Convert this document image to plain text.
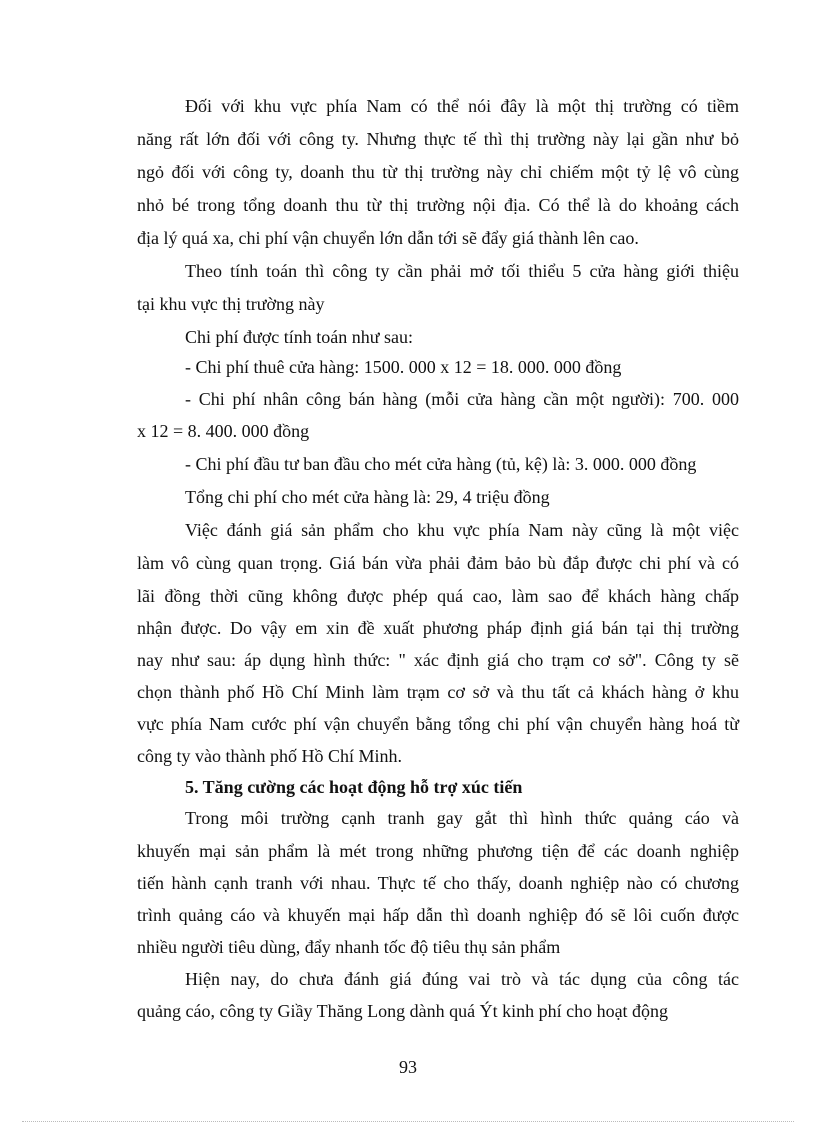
Đối với khu vực phía Nam có thể nói đây là một thị trường có tiềm
năng rất lớn đối với công ty. Nhưng thực tế thì thị trường này lại gần như bỏ
ngỏ đối với công ty, doanh thu từ thị trường này chỉ chiếm một tỷ lệ vô cùng
nhỏ bé trong tổng doanh thu từ thị trường nội địa. Có thể là do khoảng cách
địa lý quá xa, chi phí vận chuyển lớn dẫn tới sẽ đẩy giá thành lên cao.
Theo tính toán thì công ty cần phải mở tối thiểu 5 cửa hàng giới thiệu
tại khu vực thị trường này
Chi phí được tính toán như sau:
- Chi phí thuê cửa hàng: 1500. 000 x 12 = 18. 000. 000 đồng
- Chi phí nhân công bán hàng (mỗi cửa hàng cần một người): 700. 000
x 12 = 8. 400. 000 đồng
- Chi phí đầu tư ban đầu cho mét cửa hàng (tủ, kệ) là: 3. 000. 000 đồng
Tổng chi phí cho mét cửa hàng là: 29, 4 triệu đồng
Việc đánh giá sản phẩm cho khu vực phía Nam này cũng là một việc
làm vô cùng quan trọng. Giá bán vừa phải đảm bảo bù đắp được chi phí và có
lãi đồng thời cũng không được phép quá cao, làm sao để khách hàng chấp
nhận được. Do vậy em xin đề xuất phương pháp định giá bán tại thị trường
nay như sau: áp dụng hình thức: " xác định giá cho trạm cơ sở". Công ty sẽ
chọn thành phố Hồ Chí Minh làm trạm cơ sở và thu tất cả khách hàng ở khu
vực phía Nam cước phí vận chuyển bằng tổng chi phí vận chuyển hàng hoá từ
công ty vào thành phố Hồ Chí Minh.
5. Tăng cường các hoạt động hỗ trợ xúc tiến
Trong môi trường cạnh tranh gay gắt thì hình thức quảng cáo và
khuyến mại sản phẩm là mét trong những phương tiện để các doanh nghiệp
tiến hành cạnh tranh với nhau. Thực tế cho thấy, doanh nghiệp nào có chương
trình quảng cáo và khuyến mại hấp dẫn thì doanh nghiệp đó sẽ lôi cuốn được
nhiều người tiêu dùng, đẩy nhanh tốc độ tiêu thụ sản phẩm
Hiện nay, do chưa đánh giá đúng vai trò và tác dụng của công tác
quảng cáo, công ty Giầy Thăng Long dành quá Ýt kinh phí cho hoạt động
93
